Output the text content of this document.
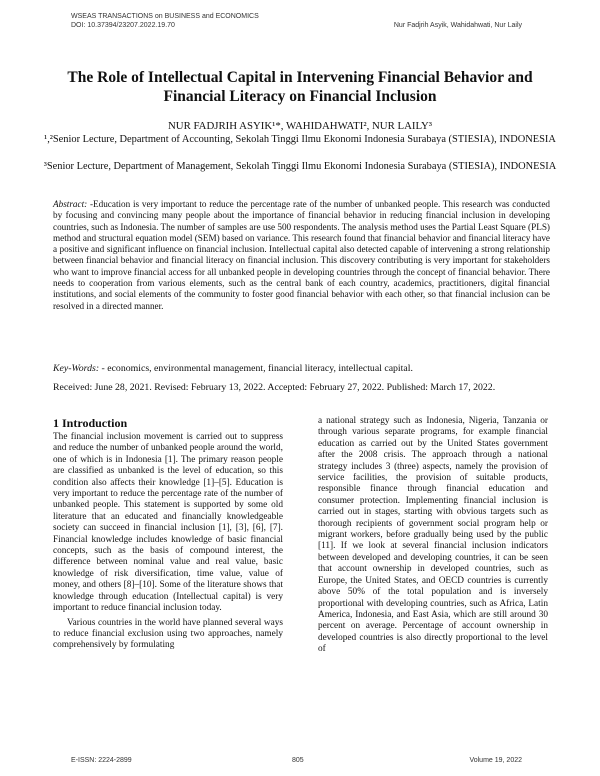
WSEAS TRANSACTIONS on BUSINESS and ECONOMICS
DOI: 10.37394/23207.2022.19.70	Nur Fadjrih Asyik, Wahidahwati, Nur Laily
The Role of Intellectual Capital in Intervening Financial Behavior and Financial Literacy on Financial Inclusion
NUR FADJRIH ASYIK¹*, WAHIDAHWATI², NUR LAILY³
¹,²Senior Lecture, Department of Accounting, Sekolah Tinggi Ilmu Ekonomi Indonesia Surabaya (STIESIA), INDONESIA
³Senior Lecture, Department of Management, Sekolah Tinggi Ilmu Ekonomi Indonesia Surabaya (STIESIA), INDONESIA
Abstract: -Education is very important to reduce the percentage rate of the number of unbanked people. This research was conducted by focusing and convincing many people about the importance of financial behavior in reducing financial inclusion in developing countries, such as Indonesia. The number of samples are use 500 respondents. The analysis method uses the Partial Least Square (PLS) method and structural equation model (SEM) based on variance. This research found that financial behavior and financial literacy have a positive and significant influence on financial inclusion. Intellectual capital also detected capable of intervening a strong relationship between financial behavior and financial literacy on financial inclusion. This discovery contributing is very important for stakeholders who want to improve financial access for all unbanked people in developing countries through the concept of financial behavior. There needs to cooperation from various elements, such as the central bank of each country, academics, practitioners, digital financial institutions, and social elements of the community to foster good financial behavior with each other, so that financial inclusion can be resolved in a directed manner.
Key-Words: - economics, environmental management, financial literacy, intellectual capital.
Received: June 28, 2021. Revised: February 13, 2022. Accepted: February 27, 2022. Published: March 17, 2022.
1 Introduction

The financial inclusion movement is carried out to suppress and reduce the number of unbanked people around the world, one of which is in Indonesia [1]. The primary reason people are classified as unbanked is the level of education, so this condition also affects their knowledge [1]–[5]. Education is very important to reduce the percentage rate of the number of unbanked people. This statement is supported by some old literature that an educated and financially knowledgeable society can succeed in financial inclusion [1], [3], [6], [7]. Financial knowledge includes knowledge of basic financial concepts, such as the basis of compound interest, the difference between nominal value and real value, basic knowledge of risk diversification, time value, value of money, and others [8]–[10]. Some of the literature shows that knowledge through education (Intellectual capital) is very important to reduce financial inclusion today.

Various countries in the world have planned several ways to reduce financial exclusion using two approaches, namely comprehensively by formulating

a national strategy such as Indonesia, Nigeria, Tanzania or through various separate programs, for example financial education as carried out by the United States government after the 2008 crisis. The approach through a national strategy includes 3 (three) aspects, namely the provision of service facilities, the provision of suitable products, responsible finance through financial education and consumer protection. Implementing financial inclusion is carried out in stages, starting with obvious targets such as thorough recipients of government social program help or migrant workers, before gradually being used by the public [11]. If we look at several financial inclusion indicators between developed and developing countries, it can be seen that account ownership in developed countries, such as Europe, the United States, and OECD countries is currently above 50% of the total population and is inversely proportional with developing countries, such as Africa, Latin America, Indonesia, and East Asia, which are still around 30 percent on average. Percentage of account ownership in developed countries is also directly proportional to the level of

E-ISSN: 2224-2899	805	Volume 19, 2022
